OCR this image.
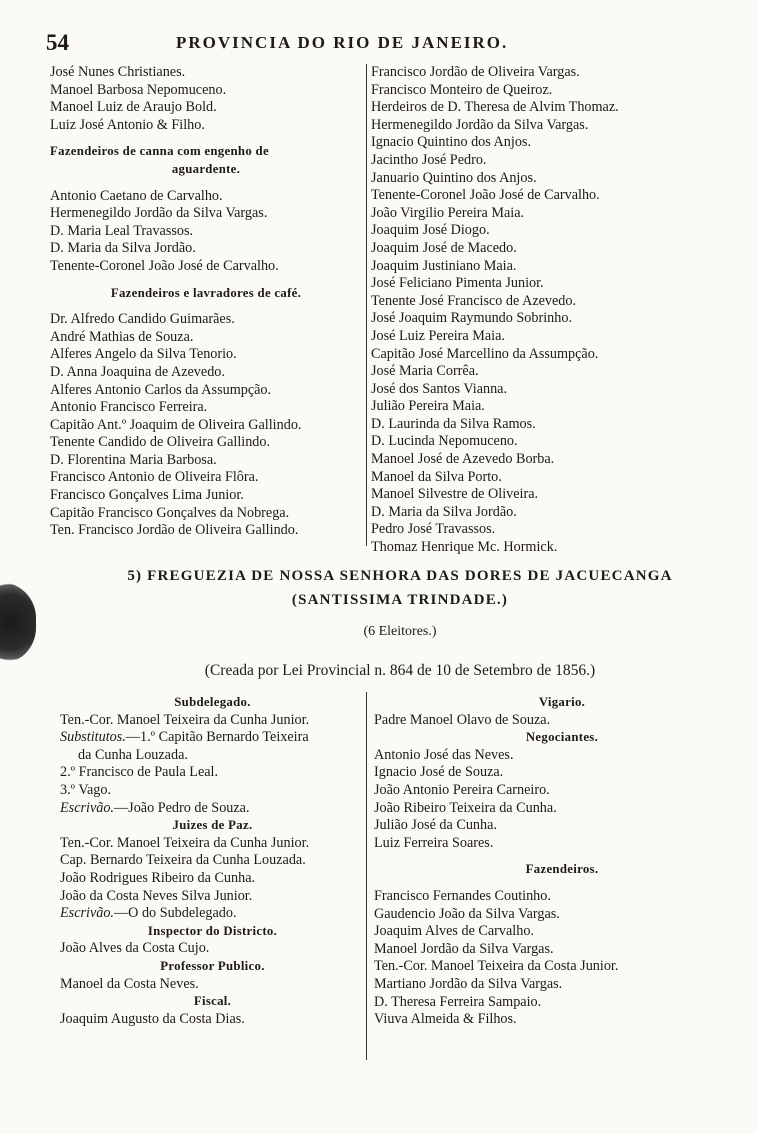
54	PROVINCIA DO RIO DE JANEIRO.
José Nunes Christianes.
Manoel Barbosa Nepomuceno.
Manoel Luiz de Araujo Bold.
Luiz José Antonio & Filho.
Fazendeiros de canna com engenho de
aguardente.
Antonio Caetano de Carvalho.
Hermenegildo Jordão da Silva Vargas.
D. Maria Leal Travassos.
D. Maria da Silva Jordão.
Tenente-Coronel João José de Carvalho.
Fazendeiros e lavradores de café.
Dr. Alfredo Candido Guimarães.
André Mathias de Souza.
Alferes Angelo da Silva Tenorio.
D. Anna Joaquina de Azevedo.
Alferes Antonio Carlos da Assumpção.
Antonio Francisco Ferreira.
Capitão Ant.º Joaquim de Oliveira Gallindo.
Tenente Candido de Oliveira Gallindo.
D. Florentina Maria Barbosa.
Francisco Antonio de Oliveira Flôra.
Francisco Gonçalves Lima Junior.
Capitão Francisco Gonçalves da Nobrega.
Ten. Francisco Jordão de Oliveira Gallindo.
Francisco Jordão de Oliveira Vargas.
Francisco Monteiro de Queiroz.
Herdeiros de D. Theresa de Alvim Thomaz.
Hermenegildo Jordão da Silva Vargas.
Ignacio Quintino dos Anjos.
Jacintho José Pedro.
Januario Quintino dos Anjos.
Tenente-Coronel João José de Carvalho.
João Virgilio Pereira Maia.
Joaquim José Diogo.
Joaquim José de Macedo.
Joaquim Justiniano Maia.
José Feliciano Pimenta Junior.
Tenente José Francisco de Azevedo.
José Joaquim Raymundo Sobrinho.
José Luiz Pereira Maia.
Capitão José Marcellino da Assumpção.
José Maria Corrêa.
José dos Santos Vianna.
Julião Pereira Maia.
D. Laurinda da Silva Ramos.
D. Lucinda Nepomuceno.
Manoel José de Azevedo Borba.
Manoel da Silva Porto.
Manoel Silvestre de Oliveira.
D. Maria da Silva Jordão.
Pedro José Travassos.
Thomaz Henrique Mc. Hormick.
5) FREGUEZIA DE NOSSA SENHORA DAS DORES DE JACUECANGA
(SANTISSIMA TRINDADE.)
(6 Eleitores.)
(Creada por Lei Provincial n. 864 de 10 de Setembro de 1856.)
Subdelegado.
Ten.-Cor. Manoel Teixeira da Cunha Junior.
Substitutos.—1.º Capitão Bernardo Teixeira
da Cunha Louzada.
2.º Francisco de Paula Leal.
3.º Vago.
Escrivão.—João Pedro de Souza.
Juizes de Paz.
Ten.-Cor. Manoel Teixeira da Cunha Junior.
Cap. Bernardo Teixeira da Cunha Louzada.
João Rodrigues Ribeiro da Cunha.
João da Costa Neves Silva Junior.
Escrivão.—O do Subdelegado.
Inspector do Districto.
João Alves da Costa Cujo.
Professor Publico.
Manoel da Costa Neves.
Fiscal.
Joaquim Augusto da Costa Dias.
Vigario.
Padre Manoel Olavo de Souza.
Negociantes.
Antonio José das Neves.
Ignacio José de Souza.
João Antonio Pereira Carneiro.
João Ribeiro Teixeira da Cunha.
Julião José da Cunha.
Luiz Ferreira Soares.
Fazendeiros.
Francisco Fernandes Coutinho.
Gaudencio João da Silva Vargas.
Joaquim Alves de Carvalho.
Manoel Jordão da Silva Vargas.
Ten.-Cor. Manoel Teixeira da Costa Junior.
Martiano Jordão da Silva Vargas.
D. Theresa Ferreira Sampaio.
Viuva Almeida & Filhos.
